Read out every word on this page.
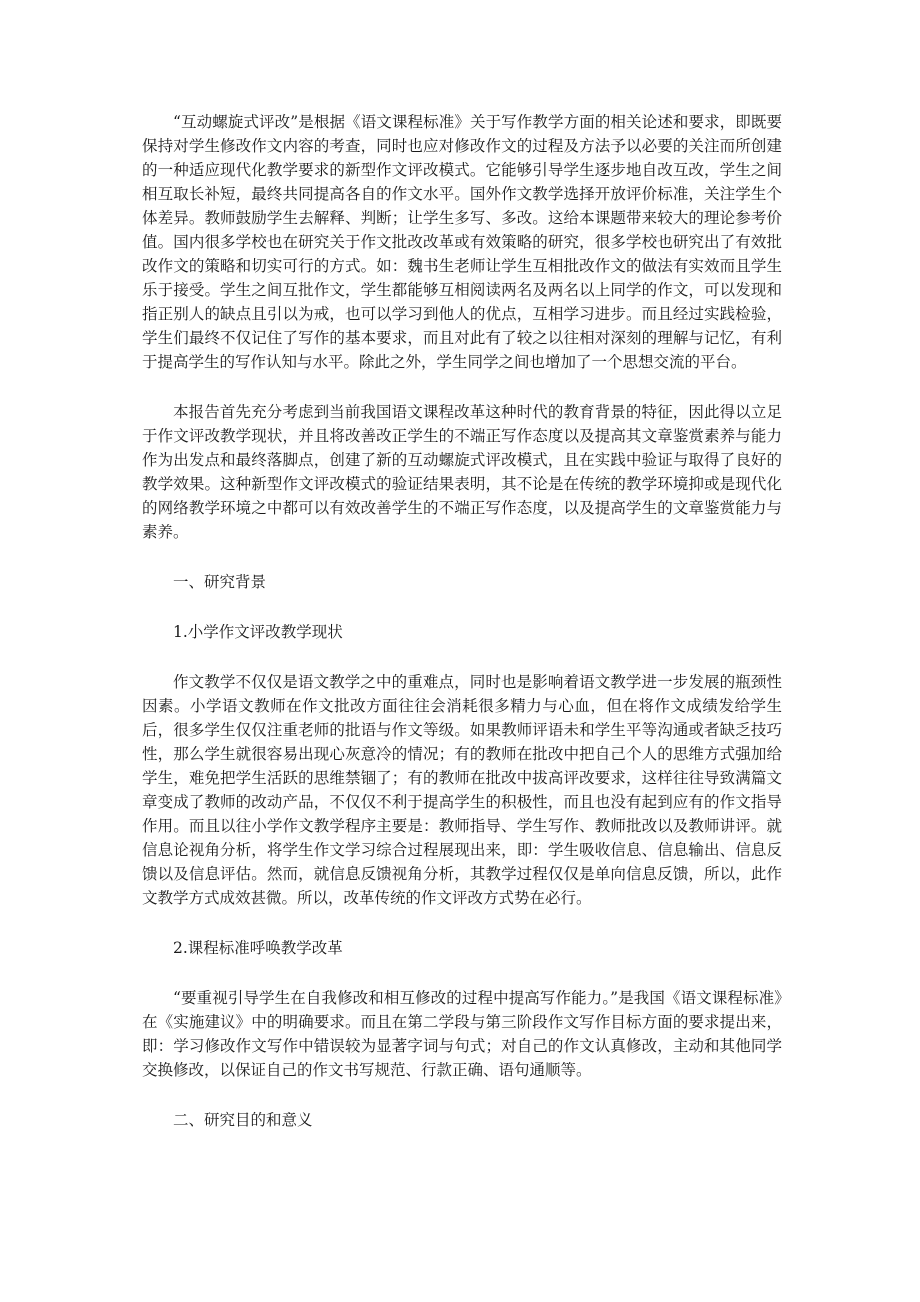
“互动螺旋式评改”是根据《语文课程标准》关于写作教学方面的相关论述和要求，即既要保持对学生修改作文内容的考查，同时也应对修改作文的过程及方法予以必要的关注而所创建的一种适应现代化教学要求的新型作文评改模式。它能够引导学生逐步地自改互改，学生之间相互取长补短，最终共同提高各自的作文水平。国外作文教学选择开放评价标准，关注学生个体差异。教师鼓励学生去解释、判断；让学生多写、多改。这给本课题带来较大的理论参考价值。国内很多学校也在研究关于作文批改改革或有效策略的研究，很多学校也研究出了有效批改作文的策略和切实可行的方式。如：魏书生老师让学生互相批改作文的做法有实效而且学生乐于接受。学生之间互批作文，学生都能够互相阅读两名及两名以上同学的作文，可以发现和指正别人的缺点且引以为戒，也可以学习到他人的优点，互相学习进步。而且经过实践检验，学生们最终不仅记住了写作的基本要求，而且对此有了较之以往相对深刻的理解与记忆，有利于提高学生的写作认知与水平。除此之外，学生同学之间也增加了一个思想交流的平台。

本报告首先充分考虑到当前我国语文课程改革这种时代的教育背景的特征，因此得以立足于作文评改教学现状，并且将改善改正学生的不端正写作态度以及提高其文章鉴赏素养与能力作为出发点和最终落脚点，创建了新的互动螺旋式评改模式，且在实践中验证与取得了良好的教学效果。这种新型作文评改模式的验证结果表明，其不论是在传统的教学环境抑或是现代化的网络教学环境之中都可以有效改善学生的不端正写作态度，以及提高学生的文章鉴赏能力与素养。

一、研究背景

1.小学作文评改教学现状

作文教学不仅仅是语文教学之中的重难点，同时也是影响着语文教学进一步发展的瓶颈性因素。小学语文教师在作文批改方面往往会消耗很多精力与心血，但在将作文成绩发给学生后，很多学生仅仅注重老师的批语与作文等级。如果教师评语未和学生平等沟通或者缺乏技巧性，那么学生就很容易出现心灰意冷的情况；有的教师在批改中把自己个人的思维方式强加给学生，难免把学生活跃的思维禁锢了；有的教师在批改中拔高评改要求，这样往往导致满篇文章变成了教师的改动产品，不仅仅不利于提高学生的积极性，而且也没有起到应有的作文指导作用。而且以往小学作文教学程序主要是：教师指导、学生写作、教师批改以及教师讲评。就信息论视角分析，将学生作文学习综合过程展现出来，即：学生吸收信息、信息输出、信息反馈以及信息评估。然而，就信息反馈视角分析，其教学过程仅仅是单向信息反馈，所以，此作文教学方式成效甚微。所以，改革传统的作文评改方式势在必行。

2.课程标准呼唤教学改革

“要重视引导学生在自我修改和相互修改的过程中提高写作能力。”是我国《语文课程标准》在《实施建议》中的明确要求。而且在第二学段与第三阶段作文写作目标方面的要求提出来，即：学习修改作文写作中错误较为显著字词与句式；对自己的作文认真修改，主动和其他同学交换修改，以保证自己的作文书写规范、行款正确、语句通顺等。

二、研究目的和意义
